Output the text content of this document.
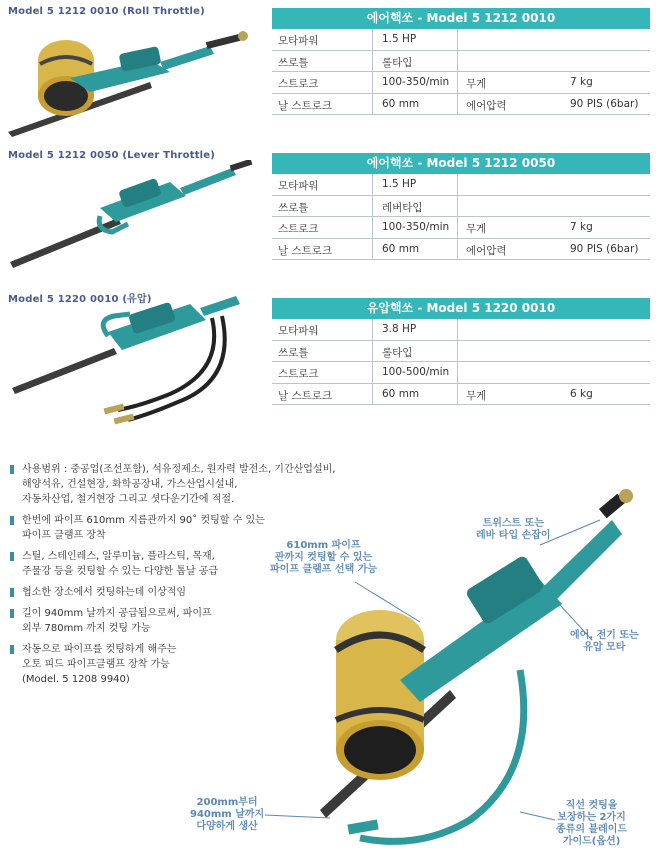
Model 5 1212 0010 (Roll Throttle)	에어핵쏘 - Model 5 1212 0010
모타파워	1.5 HP
쓰로틀	롤타입
스트로크	100-350/min 무게	7 kg
날 스트로크	60 mm	에어압력	90 PIS (6bar)
Model 5 1212 0050 (Lever Throttle)
에어핵쏘 - Model 5 1212 0050
모타파워	1.5 HP
쓰로틀	레버타입
스트로크	100-350/min 무게	7 kg
날 스트로크	60 mm	에어압력	90 PIS (6bar)
Model 5 1220 0010 (유압)
유압핵쏘 - Model 5 1220 0010
모타파워	3.8 HP
쓰로틀	롤타입
스트로크	100-500/min
날 스트로크	60 mm	무게	6 kg
사용범위 : 중공업(조선포함), 석유정제소, 원자력 발전소, 기간산업설비,
해양석유, 건설현장, 화학공장내, 가스산업시설내,
자동차산업, 철거현장 그리고 셧다운기간에 적절.
한번에 파이프 610mm 지름관까지 90˚ 컷팅할 수 있는
파이프 클램프 장착
스틸, 스테인레스, 알루미늄, 플라스틱, 목재,
주물강 등을 컷팅할 수 있는 다양한 톱날 공급
협소한 장소에서 컷팅하는데 이상적임
길이 940mm 날까지 공급됨으로써, 파이프
외부 780mm 까지 컷팅 가능
자동으로 파이프를 컷팅하게 해주는
오토 피드 파이프클램프 장착 가능
(Model. 5 1208 9940)
610mm 파이프
관까지 컷팅할 수 있는
파이프 클램프 선택 가능
트위스트 또는
레바 타입 손잡이
에어, 전기 또는
유압 모타
200mm부터
940mm 날까지
다양하게 생산
직선 컷팅을
보장하는 2가지
종류의 블레이드
가이드(옵션)
